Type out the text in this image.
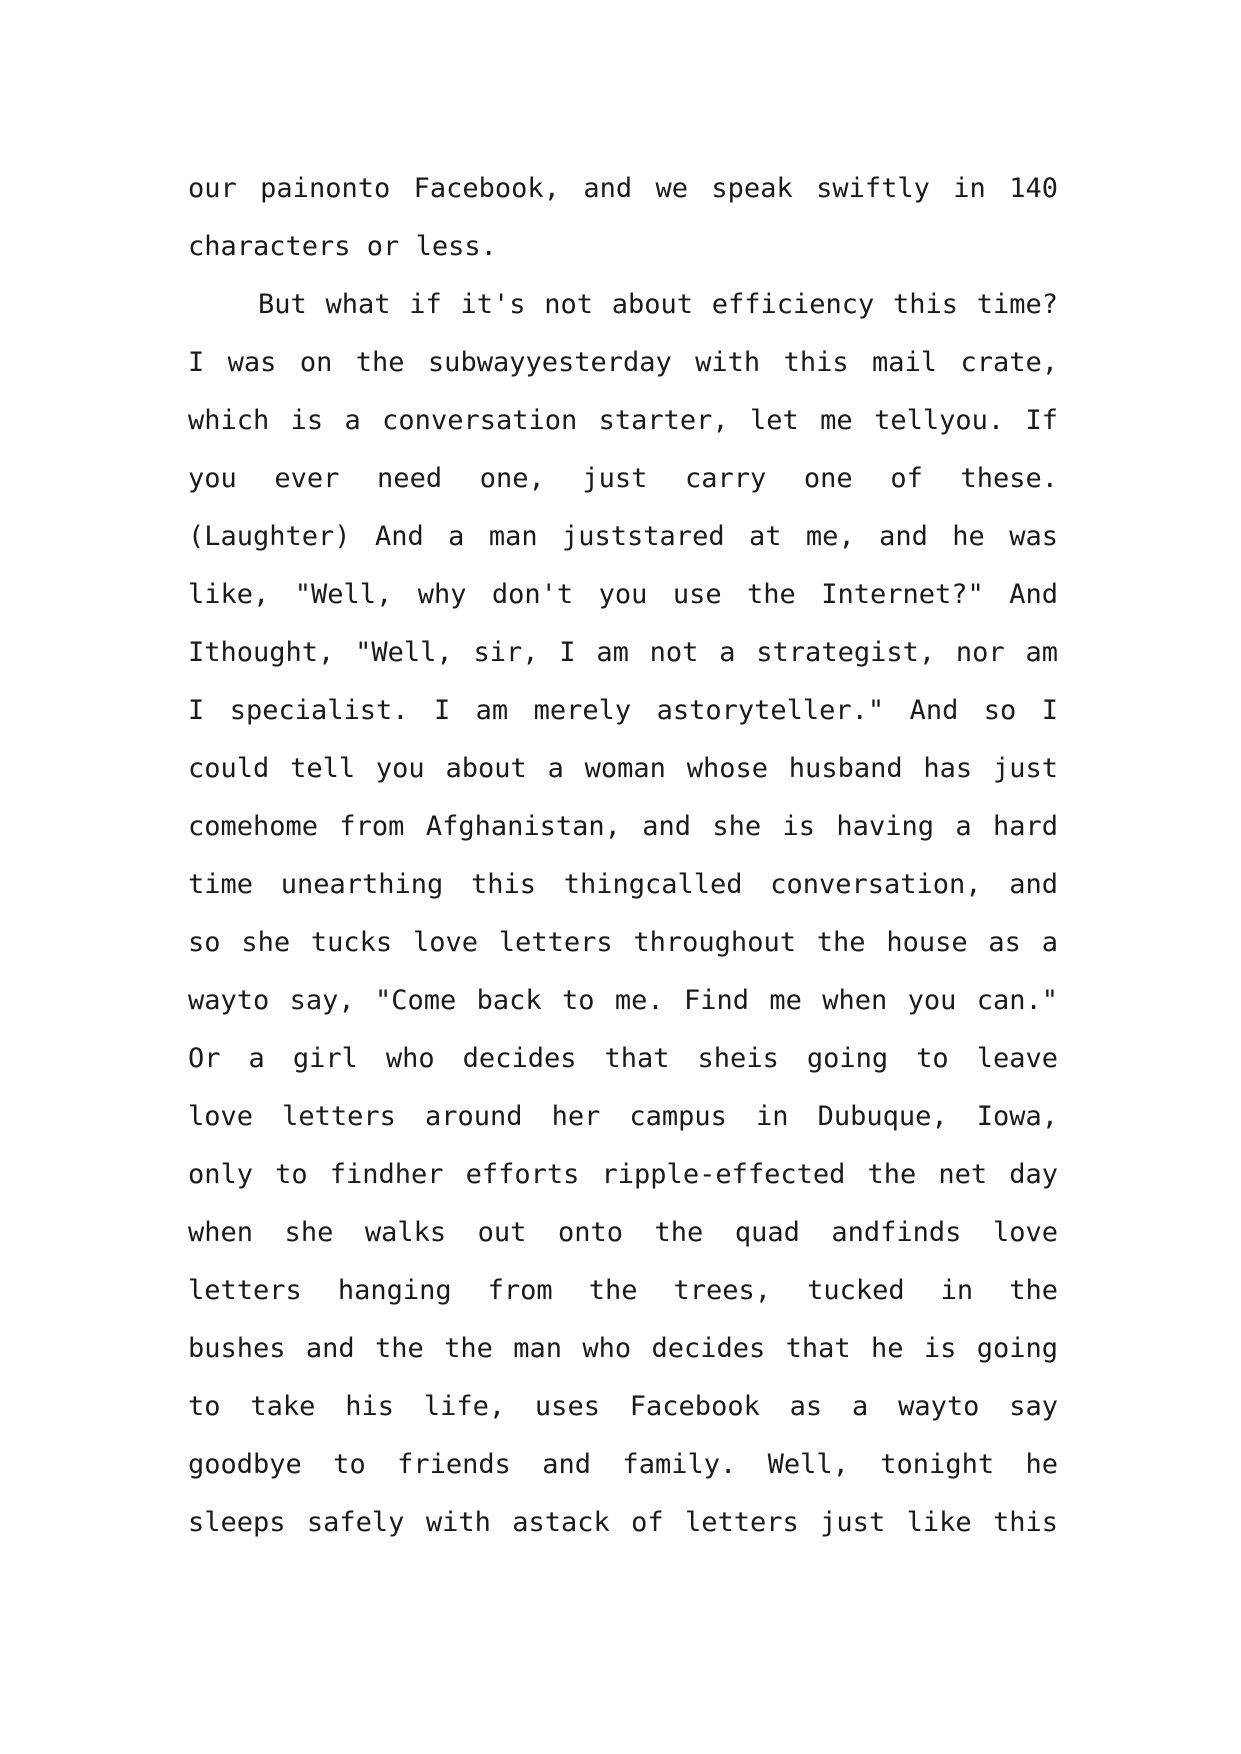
our painonto Facebook, and we speak swiftly in 140
characters or less.
But what if it's not about efficiency this time?
I was on the subwayyesterday with this mail crate,
which is a conversation starter, let me tellyou. If
you ever need one, just carry one of these.
(Laughter) And a man juststared at me, and he was
like, "Well, why don't you use the Internet?" And
Ithought, "Well, sir, I am not a strategist, nor am
I specialist. I am merely astoryteller." And so I
could tell you about a woman whose husband has just
comehome from Afghanistan, and she is having a hard
time unearthing this thingcalled conversation, and
so she tucks love letters throughout the house as a
wayto say, "Come back to me. Find me when you can."
Or a girl who decides that sheis going to leave
love letters around her campus in Dubuque, Iowa,
only to findher efforts ripple-effected the net day
when she walks out onto the quad andfinds love
letters hanging from the trees, tucked in the
bushes and the the man who decides that he is going
to take his life, uses Facebook as a wayto say
goodbye to friends and family. Well, tonight he
sleeps safely with astack of letters just like this
